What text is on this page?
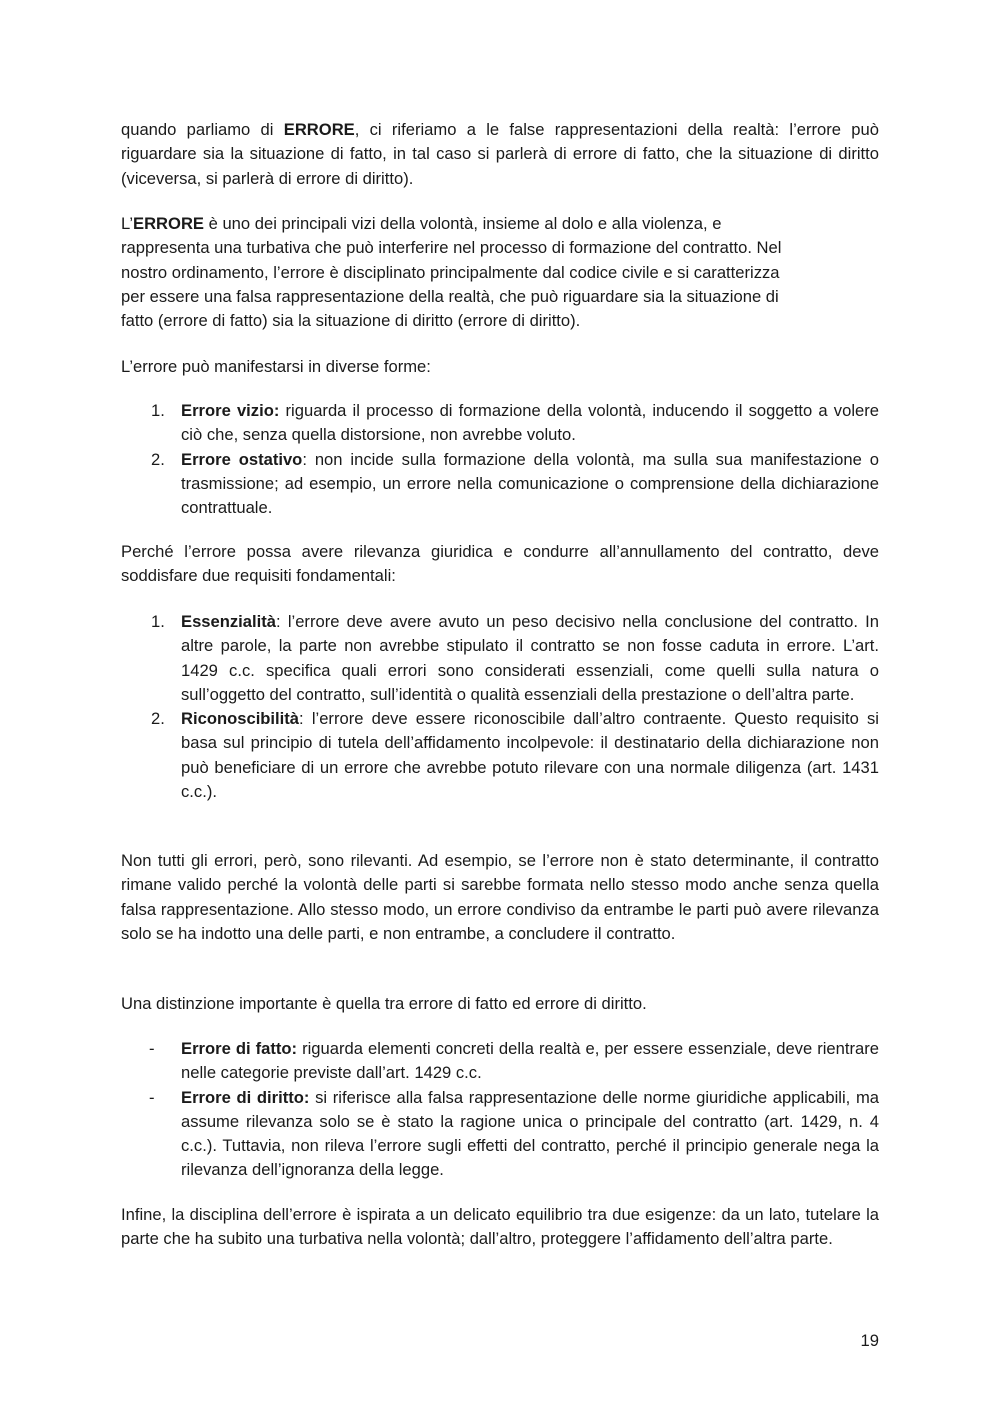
quando parliamo di ERRORE, ci riferiamo a le false rappresentazioni della realtà: l’errore può riguardare sia la situazione di fatto, in tal caso si parlerà di errore di fatto, che la situazione di diritto (viceversa, si parlerà di errore di diritto).

L’ERRORE è uno dei principali vizi della volontà, insieme al dolo e alla violenza, e
rappresenta una turbativa che può interferire nel processo di formazione del contratto. Nel
nostro ordinamento, l’errore è disciplinato principalmente dal codice civile e si caratterizza
per essere una falsa rappresentazione della realtà, che può riguardare sia la situazione di
fatto (errore di fatto) sia la situazione di diritto (errore di diritto).

L’errore può manifestarsi in diverse forme:

1. Errore vizio: riguarda il processo di formazione della volontà, inducendo il soggetto a volere ciò che, senza quella distorsione, non avrebbe voluto.
2. Errore ostativo: non incide sulla formazione della volontà, ma sulla sua manifestazione o trasmissione; ad esempio, un errore nella comunicazione o comprensione della dichiarazione contrattuale.

Perché l’errore possa avere rilevanza giuridica e condurre all’annullamento del contratto, deve soddisfare due requisiti fondamentali:

1. Essenzialità: l’errore deve avere avuto un peso decisivo nella conclusione del contratto. In altre parole, la parte non avrebbe stipulato il contratto se non fosse caduta in errore. L’art. 1429 c.c. specifica quali errori sono considerati essenziali, come quelli sulla natura o sull’oggetto del contratto, sull’identità o qualità essenziali della prestazione o dell’altra parte.
2. Riconoscibilità: l’errore deve essere riconoscibile dall’altro contraente. Questo requisito si basa sul principio di tutela dell’affidamento incolpevole: il destinatario della dichiarazione non può beneficiare di un errore che avrebbe potuto rilevare con una normale diligenza (art. 1431 c.c.).

Non tutti gli errori, però, sono rilevanti. Ad esempio, se l’errore non è stato determinante, il contratto rimane valido perché la volontà delle parti si sarebbe formata nello stesso modo anche senza quella falsa rappresentazione. Allo stesso modo, un errore condiviso da entrambe le parti può avere rilevanza solo se ha indotto una delle parti, e non entrambe, a concludere il contratto.

Una distinzione importante è quella tra errore di fatto ed errore di diritto.

- Errore di fatto: riguarda elementi concreti della realtà e, per essere essenziale, deve rientrare nelle categorie previste dall’art. 1429 c.c.
- Errore di diritto: si riferisce alla falsa rappresentazione delle norme giuridiche applicabili, ma assume rilevanza solo se è stato la ragione unica o principale del contratto (art. 1429, n. 4 c.c.). Tuttavia, non rileva l’errore sugli effetti del contratto, perché il principio generale nega la rilevanza dell’ignoranza della legge.

Infine, la disciplina dell’errore è ispirata a un delicato equilibrio tra due esigenze: da un lato, tutelare la parte che ha subito una turbativa nella volontà; dall’altro, proteggere l’affidamento dell’altra parte.

19
